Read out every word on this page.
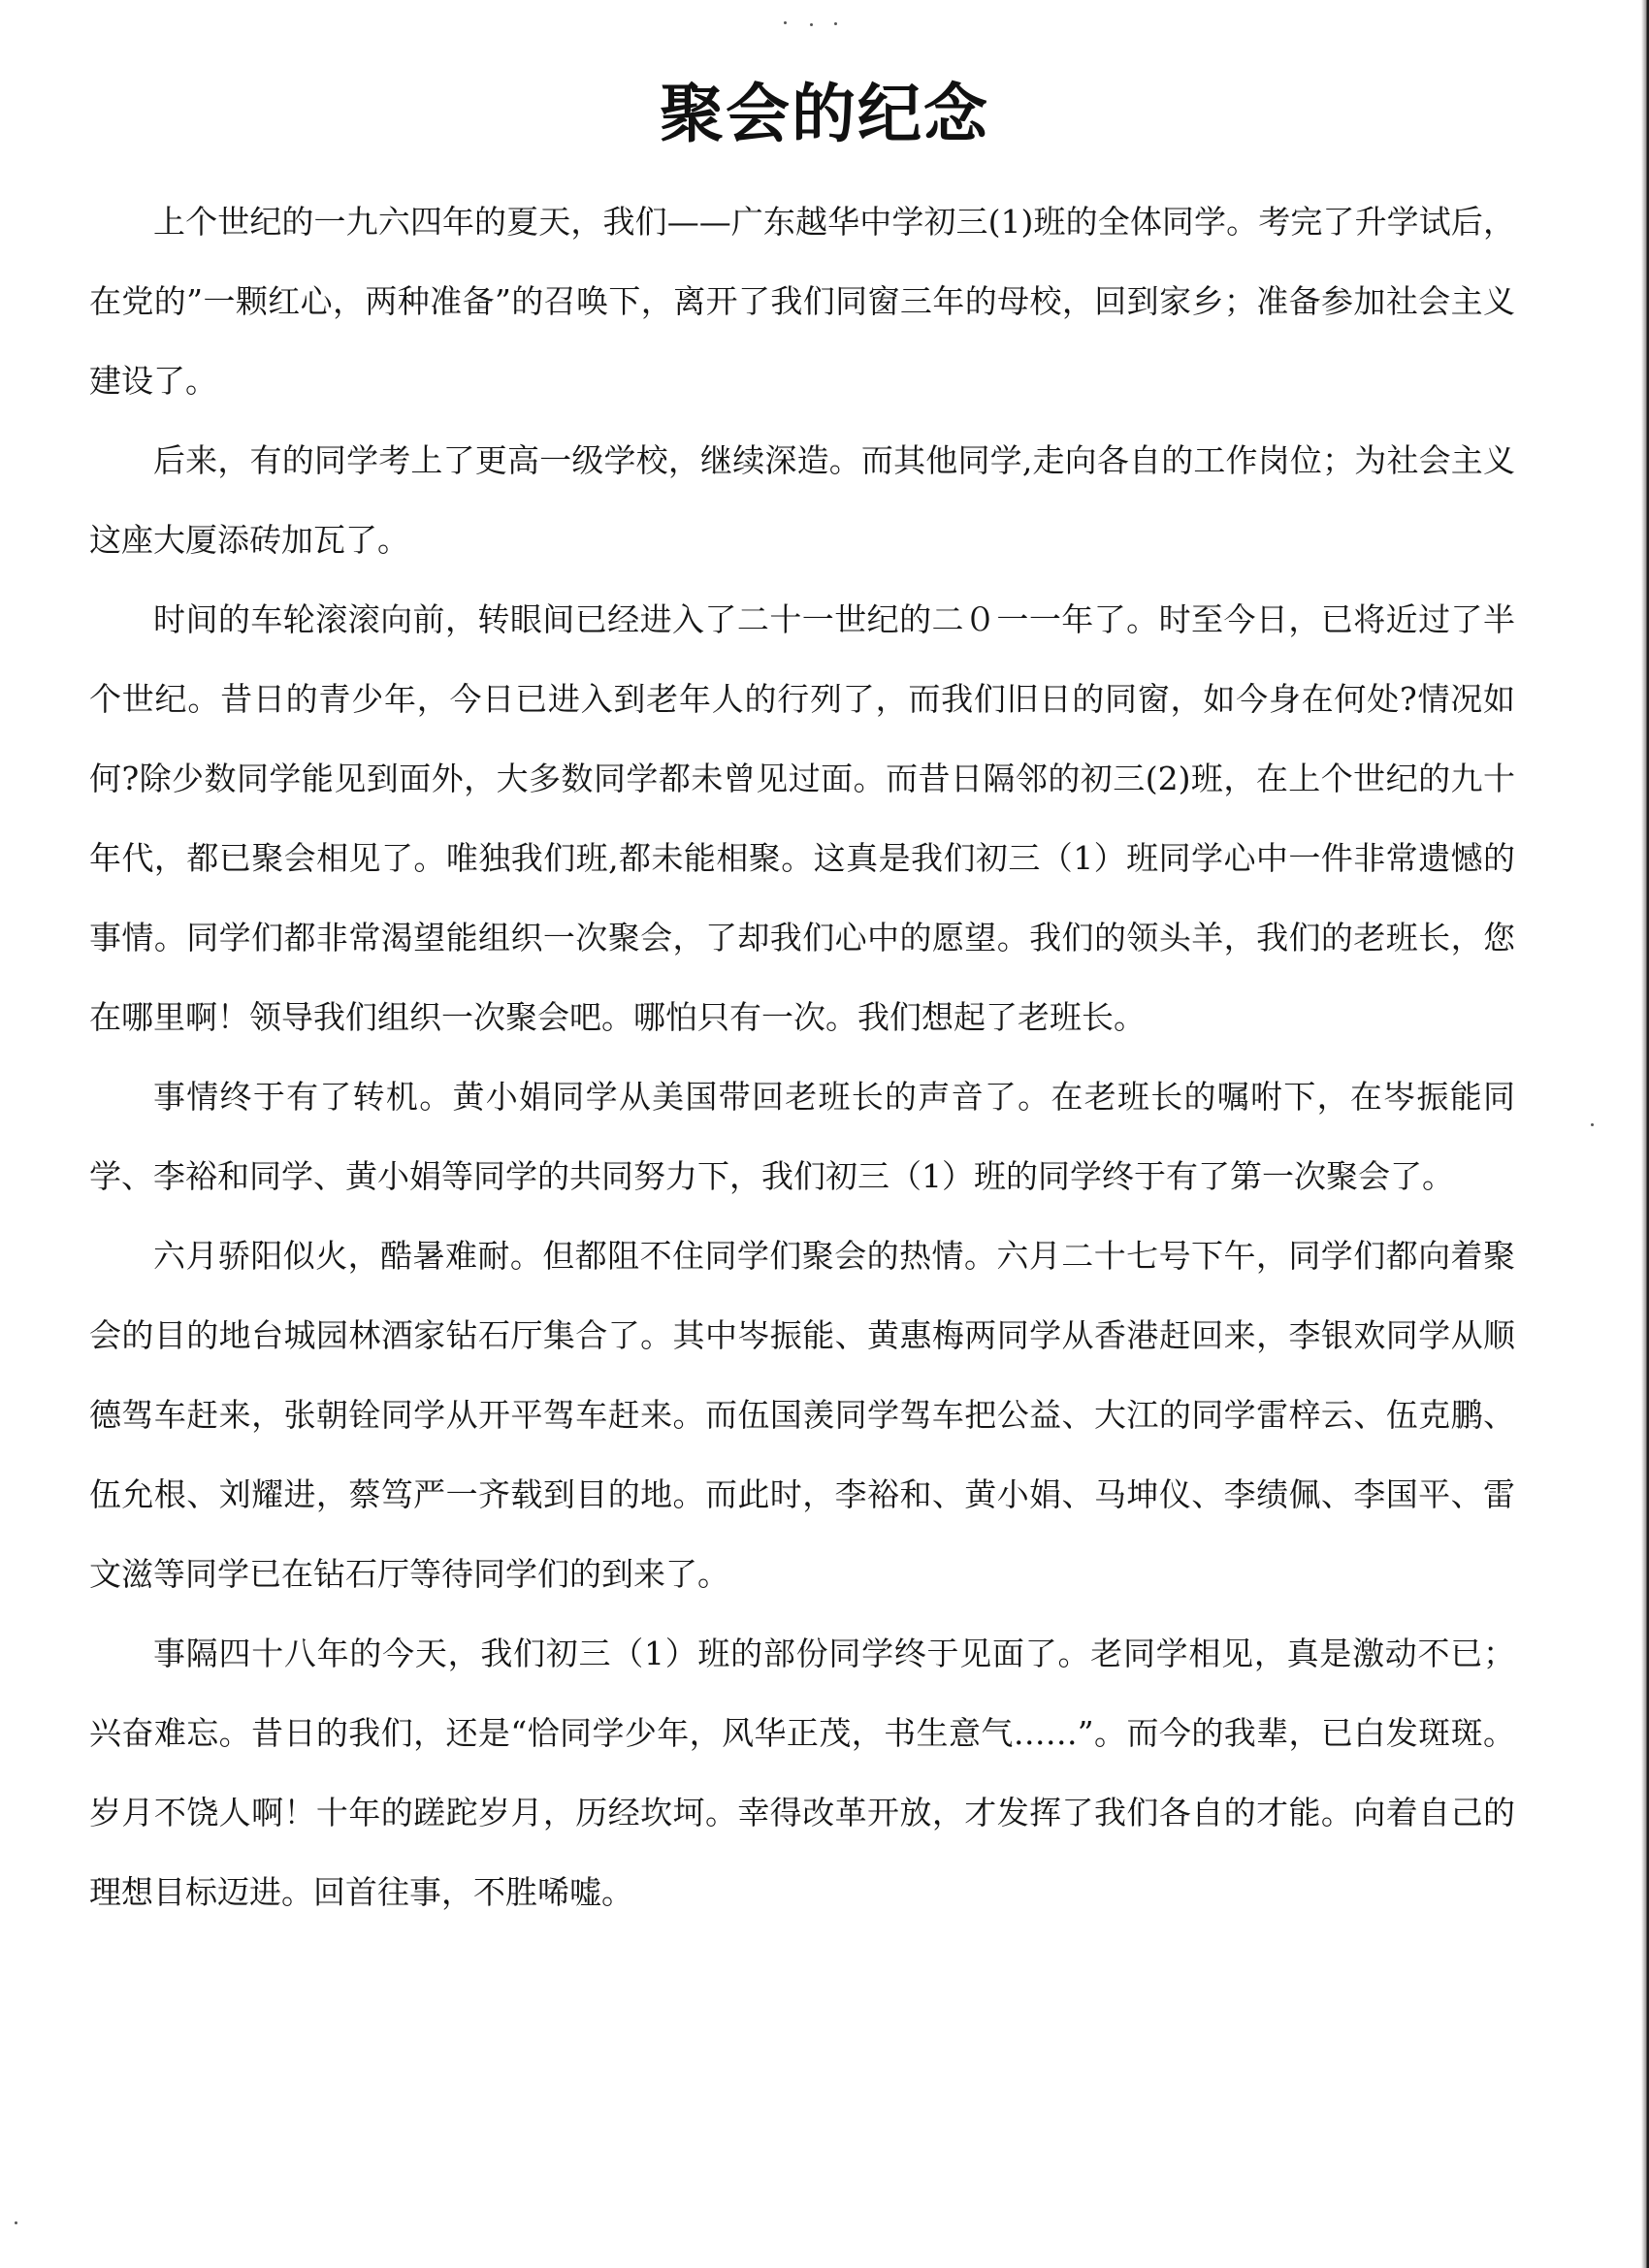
聚会的纪念

上个世纪的一九六四年的夏天，我们——广东越华中学初三(1)班的全体同学。考完了升学试后，在党的”一颗红心，两种准备”的召唤下，离开了我们同窗三年的母校，回到家乡；准备参加社会主义建设了。

后来，有的同学考上了更高一级学校，继续深造。而其他同学,走向各自的工作岗位；为社会主义这座大厦添砖加瓦了。

时间的车轮滚滚向前，转眼间已经进入了二十一世纪的二０一一年了。时至今日，已将近过了半个世纪。昔日的青少年，今日已进入到老年人的行列了，而我们旧日的同窗，如今身在何处?情况如何?除少数同学能见到面外，大多数同学都未曾见过面。而昔日隔邻的初三(2)班，在上个世纪的九十年代，都已聚会相见了。唯独我们班,都未能相聚。这真是我们初三（1）班同学心中一件非常遗憾的事情。同学们都非常渴望能组织一次聚会，了却我们心中的愿望。我们的领头羊，我们的老班长，您在哪里啊！领导我们组织一次聚会吧。哪怕只有一次。我们想起了老班长。

事情终于有了转机。黄小娟同学从美国带回老班长的声音了。在老班长的嘱咐下，在岑振能同学、李裕和同学、黄小娟等同学的共同努力下，我们初三（1）班的同学终于有了第一次聚会了。

六月骄阳似火，酷暑难耐。但都阻不住同学们聚会的热情。六月二十七号下午，同学们都向着聚会的目的地台城园林酒家钻石厅集合了。其中岑振能、黄惠梅两同学从香港赶回来，李银欢同学从顺德驾车赶来，张朝铨同学从开平驾车赶来。而伍国羡同学驾车把公益、大江的同学雷梓云、伍克鹏、伍允根、刘耀进，蔡笃严一齐载到目的地。而此时，李裕和、黄小娟、马坤仪、李绩佩、李国平、雷文滋等同学已在钻石厅等待同学们的到来了。

事隔四十八年的今天，我们初三（1）班的部份同学终于见面了。老同学相见，真是激动不已；兴奋难忘。昔日的我们，还是“恰同学少年，风华正茂，书生意气……”。而今的我辈，已白发斑斑。岁月不饶人啊！十年的蹉跎岁月，历经坎坷。幸得改革开放，才发挥了我们各自的才能。向着自己的理想目标迈进。回首往事，不胜唏嘘。
